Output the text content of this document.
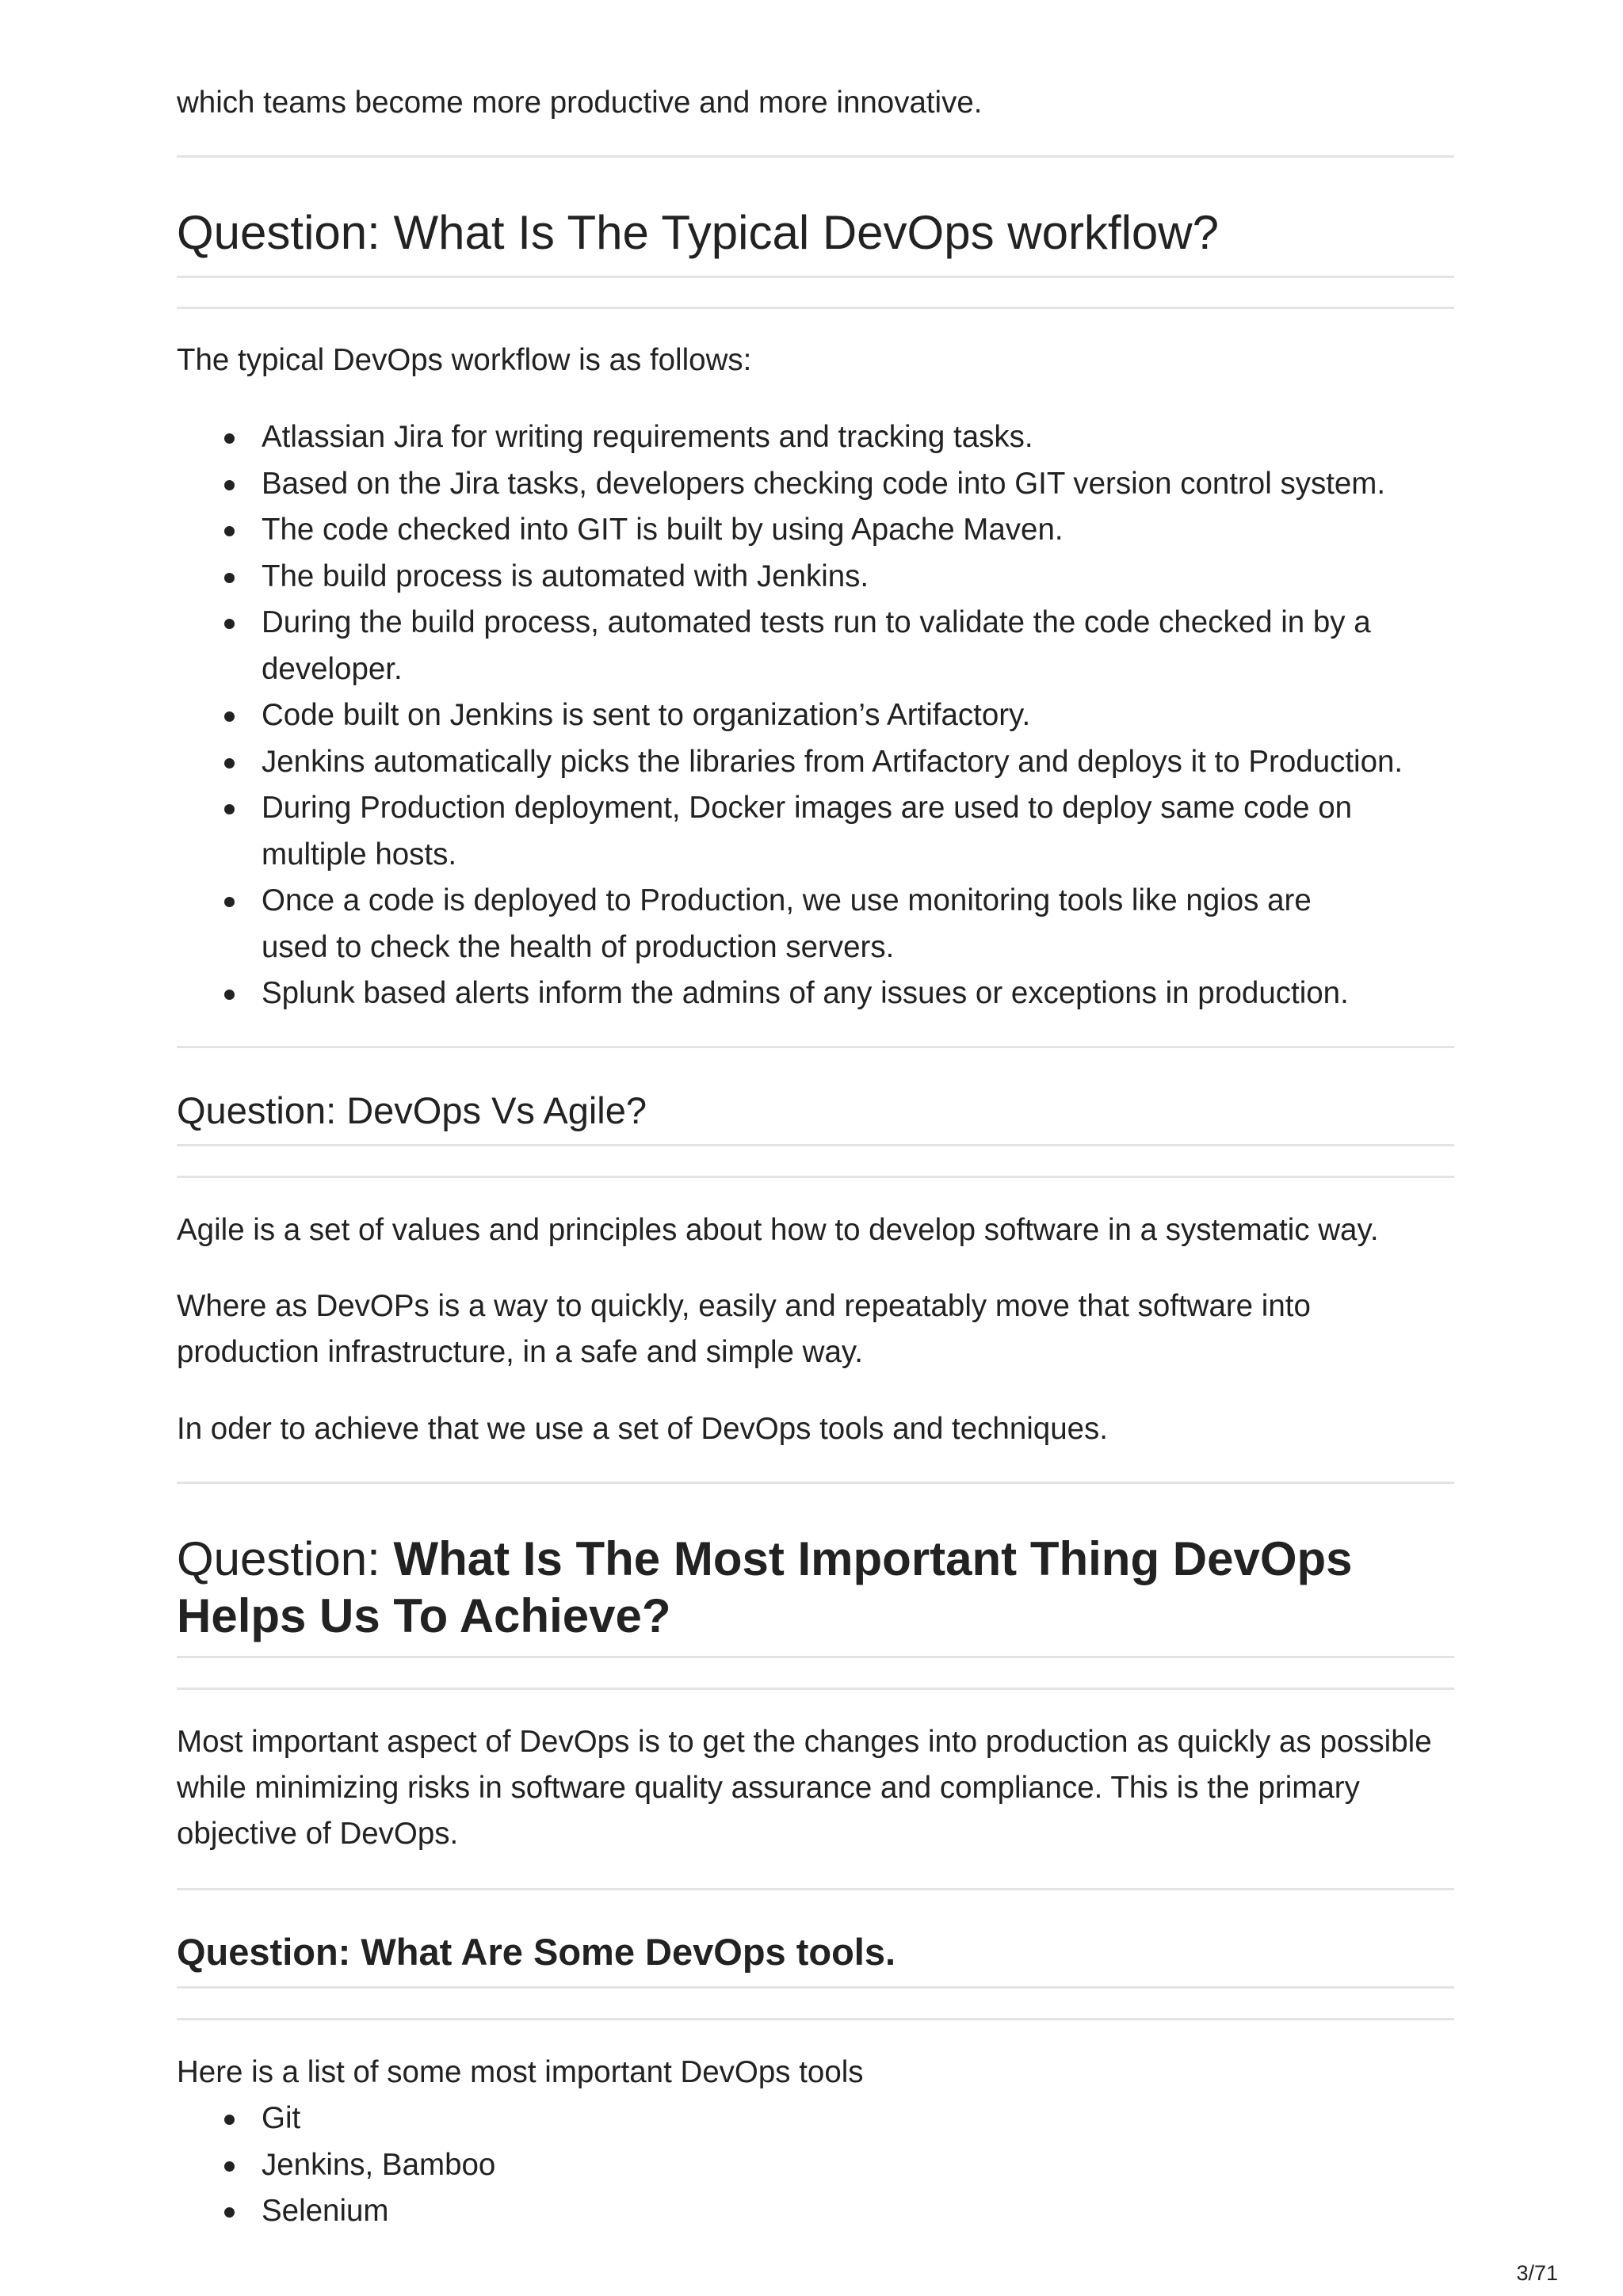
which teams become more productive and more innovative.

Question: What Is The Typical DevOps workflow?

The typical DevOps workflow is as follows:

Atlassian Jira for writing requirements and tracking tasks.
Based on the Jira tasks, developers checking code into GIT version control system.
The code checked into GIT is built by using Apache Maven.
The build process is automated with Jenkins.
During the build process, automated tests run to validate the code checked in by a developer.
Code built on Jenkins is sent to organization’s Artifactory.
Jenkins automatically picks the libraries from Artifactory and deploys it to Production.
During Production deployment, Docker images are used to deploy same code on multiple hosts.
Once a code is deployed to Production, we use monitoring tools like ngios are used to check the health of production servers.
Splunk based alerts inform the admins of any issues or exceptions in production.
Question: DevOps Vs Agile?

Agile is a set of values and principles about how to develop software in a systematic way.

Where as DevOPs is a way to quickly, easily and repeatably move that software into production infrastructure, in a safe and simple way.

In oder to achieve that we use a set of DevOps tools and techniques.

Question: What Is The Most Important Thing DevOps Helps Us To Achieve?

Most important aspect of DevOps is to get the changes into production as quickly as possible while minimizing risks in software quality assurance and compliance. This is the primary objective of DevOps.

Question: What Are Some DevOps tools.

Here is a list of some most important DevOps tools

Git
Jenkins, Bamboo
Selenium
3/71
